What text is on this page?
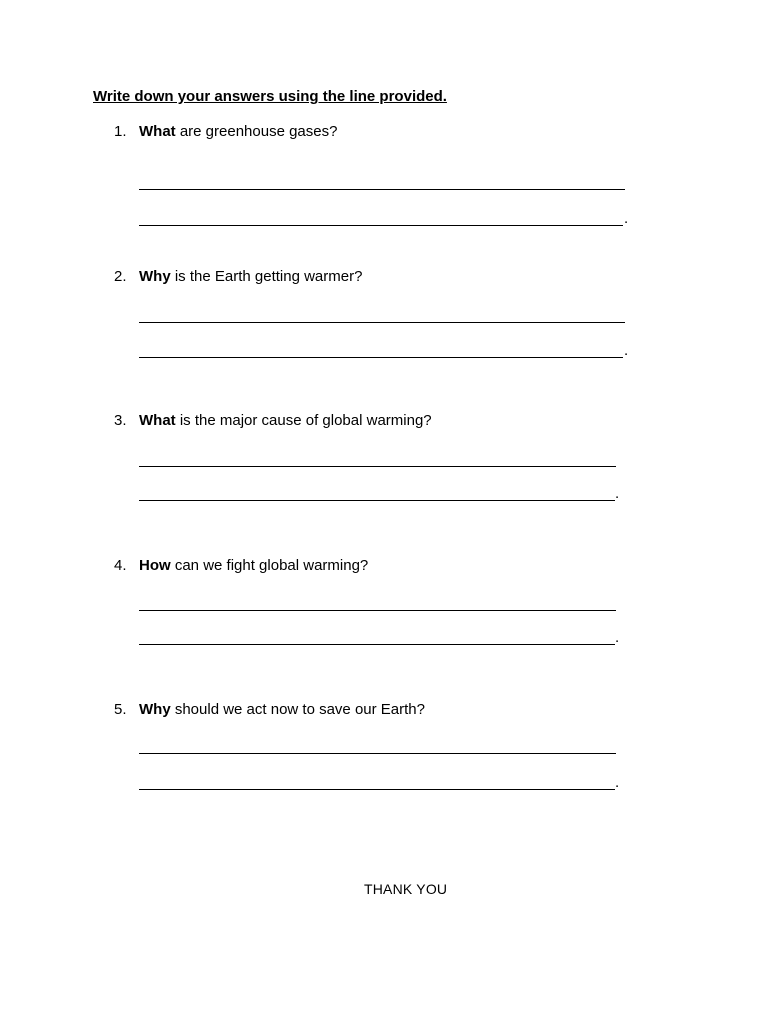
Write down your answers using the line provided.
1. What are greenhouse gases?
.
2. Why is the Earth getting warmer?
.
3. What is the major cause of global warming?
.
4. How can we fight global warming?
.
5. Why should we act now to save our Earth?
.
THANK YOU
